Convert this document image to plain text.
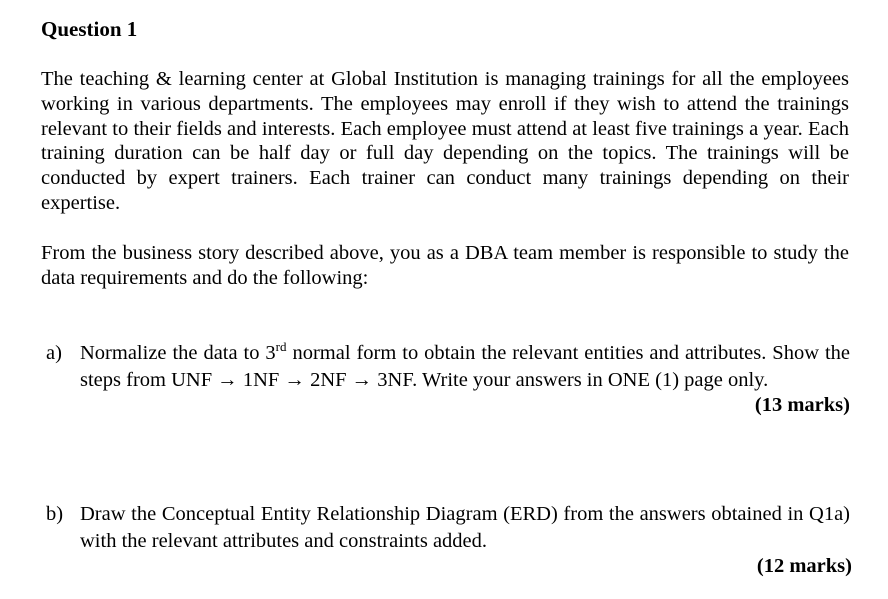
Question 1

The teaching & learning center at Global Institution is managing trainings for all the employees working in various departments. The employees may enroll if they wish to attend the trainings relevant to their fields and interests. Each employee must attend at least five trainings a year. Each training duration can be half day or full day depending on the topics. The trainings will be conducted by expert trainers. Each trainer can conduct many trainings depending on their expertise.

From the business story described above, you as a DBA team member is responsible to study the data requirements and do the following:

a) Normalize the data to 3rd normal form to obtain the relevant entities and attributes. Show the steps from UNF → 1NF → 2NF → 3NF. Write your answers in ONE (1) page only.
(13 marks)
b) Draw the Conceptual Entity Relationship Diagram (ERD) from the answers obtained in Q1a) with the relevant attributes and constraints added.
(12 marks)
